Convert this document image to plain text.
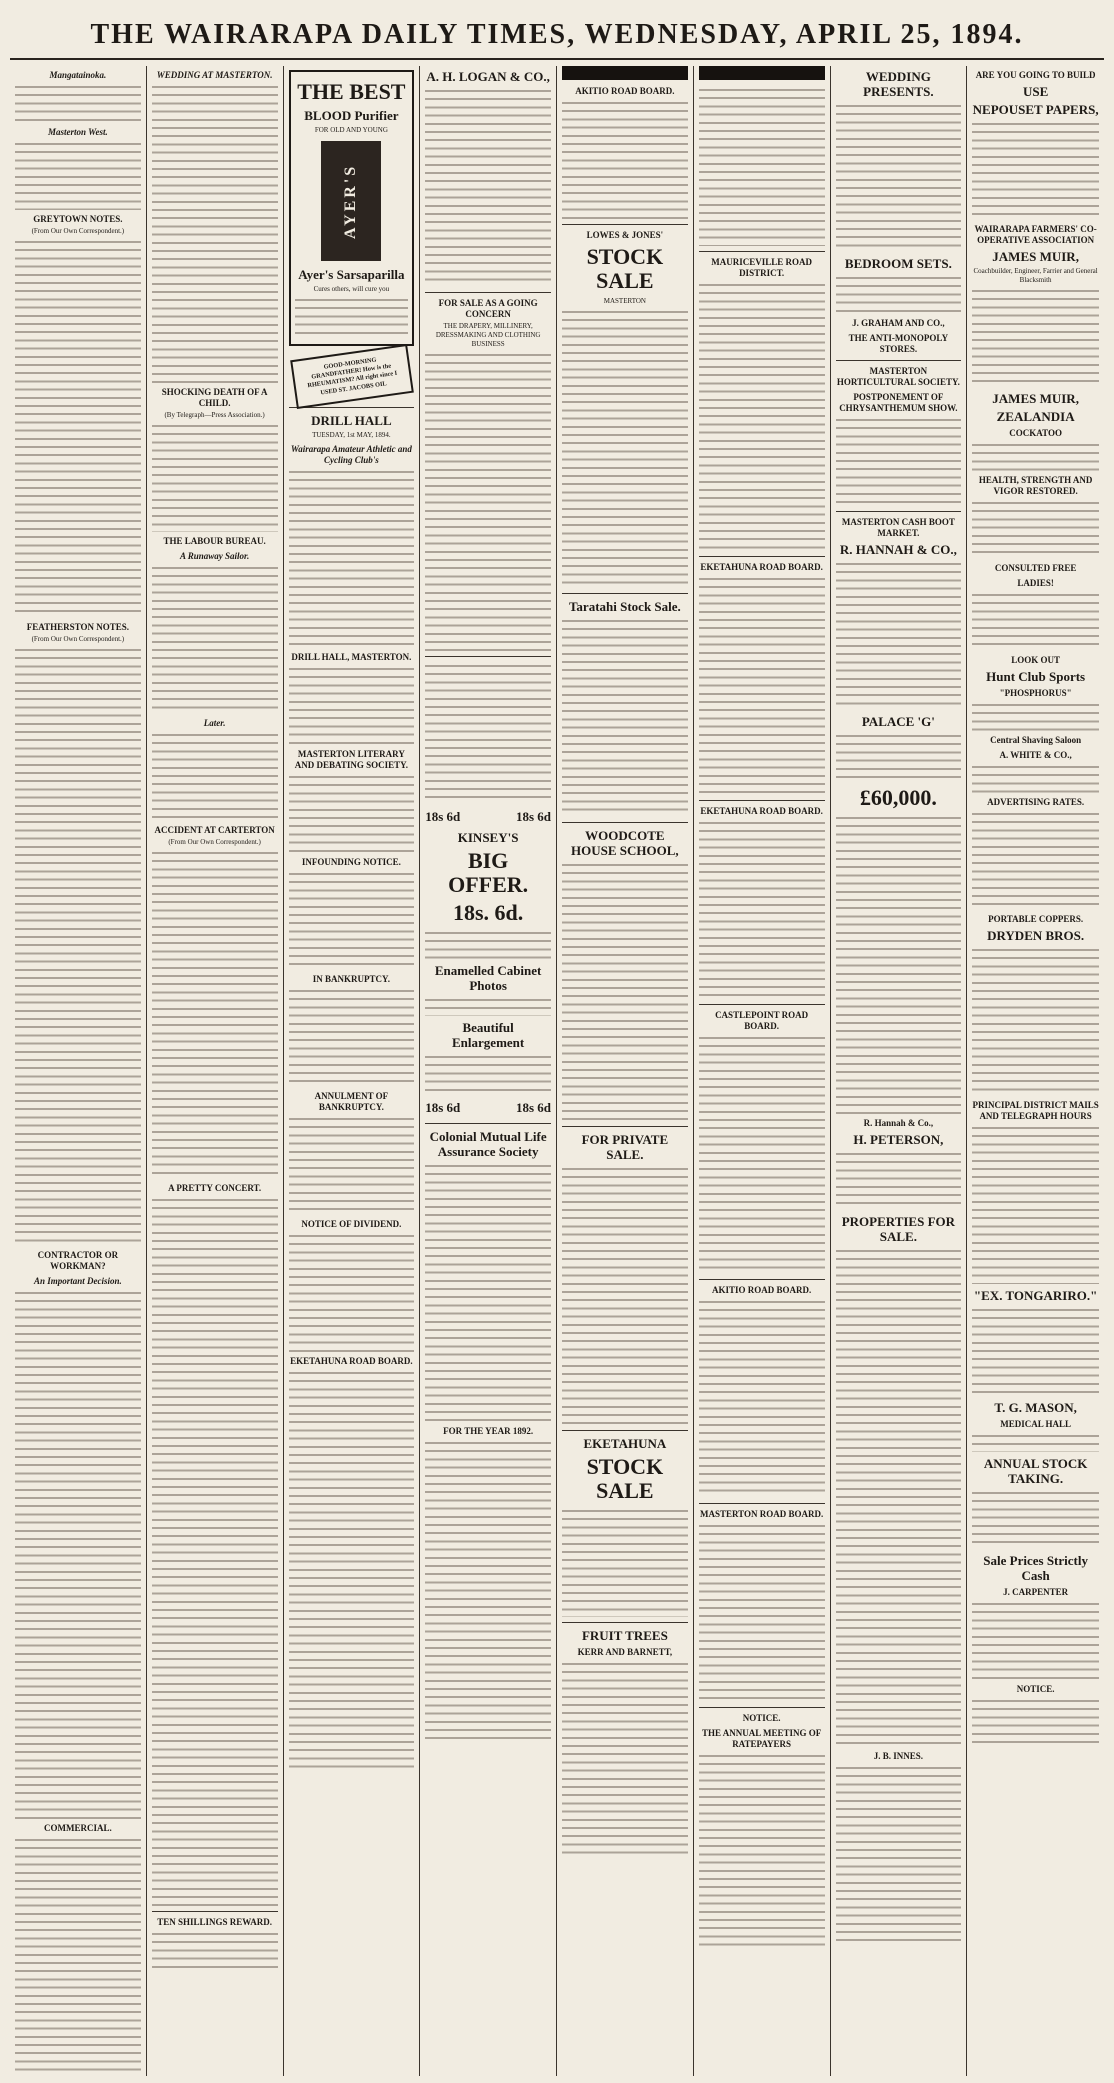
THE WAIRARAPA DAILY TIMES, WEDNESDAY, APRIL 25, 1894.
Mangatainoka.
Masterton West.
GREYTOWN NOTES.
(From Our Own Correspondent.)
FEATHERSTON NOTES.
(From Our Own Correspondent.)
CONTRACTOR OR WORKMAN?
An Important Decision.
COMMERCIAL.
WEDDING AT MASTERTON.
SHOCKING DEATH OF A CHILD.
(By Telegraph—Press Association.)
THE LABOUR BUREAU.
A Runaway Sailor.
Later.
ACCIDENT AT CARTERTON
(From Our Own Correspondent.)
A PRETTY CONCERT.
TEN SHILLINGS REWARD.
THE BEST
BLOOD Purifier
FOR OLD AND YOUNG
AYER'S
Ayer's Sarsaparilla
Cures others, will cure you
GOOD-MORNING GRANDFATHER! How is the RHEUMATISM? All right since I USED ST. JACOBS OIL
DRILL HALL
TUESDAY, 1st MAY, 1894.
Wairarapa Amateur Athletic and Cycling Club's
DRILL HALL, MASTERTON.
MASTERTON LITERARY AND DEBATING SOCIETY.
INFOUNDING NOTICE.
IN BANKRUPTCY.
ANNULMENT OF BANKRUPTCY.
NOTICE OF DIVIDEND.
EKETAHUNA ROAD BOARD.
A. H. LOGAN & CO.,
FOR SALE AS A GOING CONCERN
THE DRAPERY, MILLINERY, DRESSMAKING AND CLOTHING BUSINESS
18s 6d	18s 6d
KINSEY'S
BIG OFFER.
18s. 6d.
Enamelled Cabinet Photos
Beautiful Enlargement
18s 6d	18s 6d
Colonial Mutual Life Assurance Society
FOR THE YEAR 1892.
AKITIO ROAD BOARD.
LOWES & JONES'
STOCK SALE
MASTERTON
Taratahi Stock Sale.
WOODCOTE HOUSE SCHOOL,
FOR PRIVATE SALE.
EKETAHUNA
STOCK SALE
FRUIT TREES
KERR AND BARNETT,
MAURICEVILLE ROAD DISTRICT.
EKETAHUNA ROAD BOARD.
EKETAHUNA ROAD BOARD.
CASTLEPOINT ROAD BOARD.
AKITIO ROAD BOARD.
MASTERTON ROAD BOARD.
NOTICE.
THE ANNUAL MEETING OF RATEPAYERS
WEDDING PRESENTS.
BEDROOM SETS.
J. GRAHAM AND CO.,
THE ANTI-MONOPOLY STORES.
MASTERTON HORTICULTURAL SOCIETY.
POSTPONEMENT OF CHRYSANTHEMUM SHOW.
MASTERTON CASH BOOT MARKET.
R. HANNAH & CO.,
PALACE 'G'
£60,000.
R. Hannah & Co.,
H. PETERSON,
PROPERTIES FOR SALE.
J. B. INNES.
ARE YOU GOING TO BUILD
USE
NEPOUSET PAPERS,
WAIRARAPA FARMERS' CO-OPERATIVE ASSOCIATION
JAMES MUIR,
Coachbuilder, Engineer, Farrier and General Blacksmith
JAMES MUIR,
ZEALANDIA
COCKATOO
HEALTH, STRENGTH AND VIGOR RESTORED.
CONSULTED FREE
LADIES!
LOOK OUT
Hunt Club Sports
"PHOSPHORUS"
Central Shaving Saloon
A. WHITE & CO.,
ADVERTISING RATES.
PORTABLE COPPERS.
DRYDEN BROS.
PRINCIPAL DISTRICT MAILS AND TELEGRAPH HOURS
"EX. TONGARIRO."
T. G. MASON,
MEDICAL HALL
ANNUAL STOCK TAKING.
Sale Prices Strictly Cash
J. CARPENTER
NOTICE.
